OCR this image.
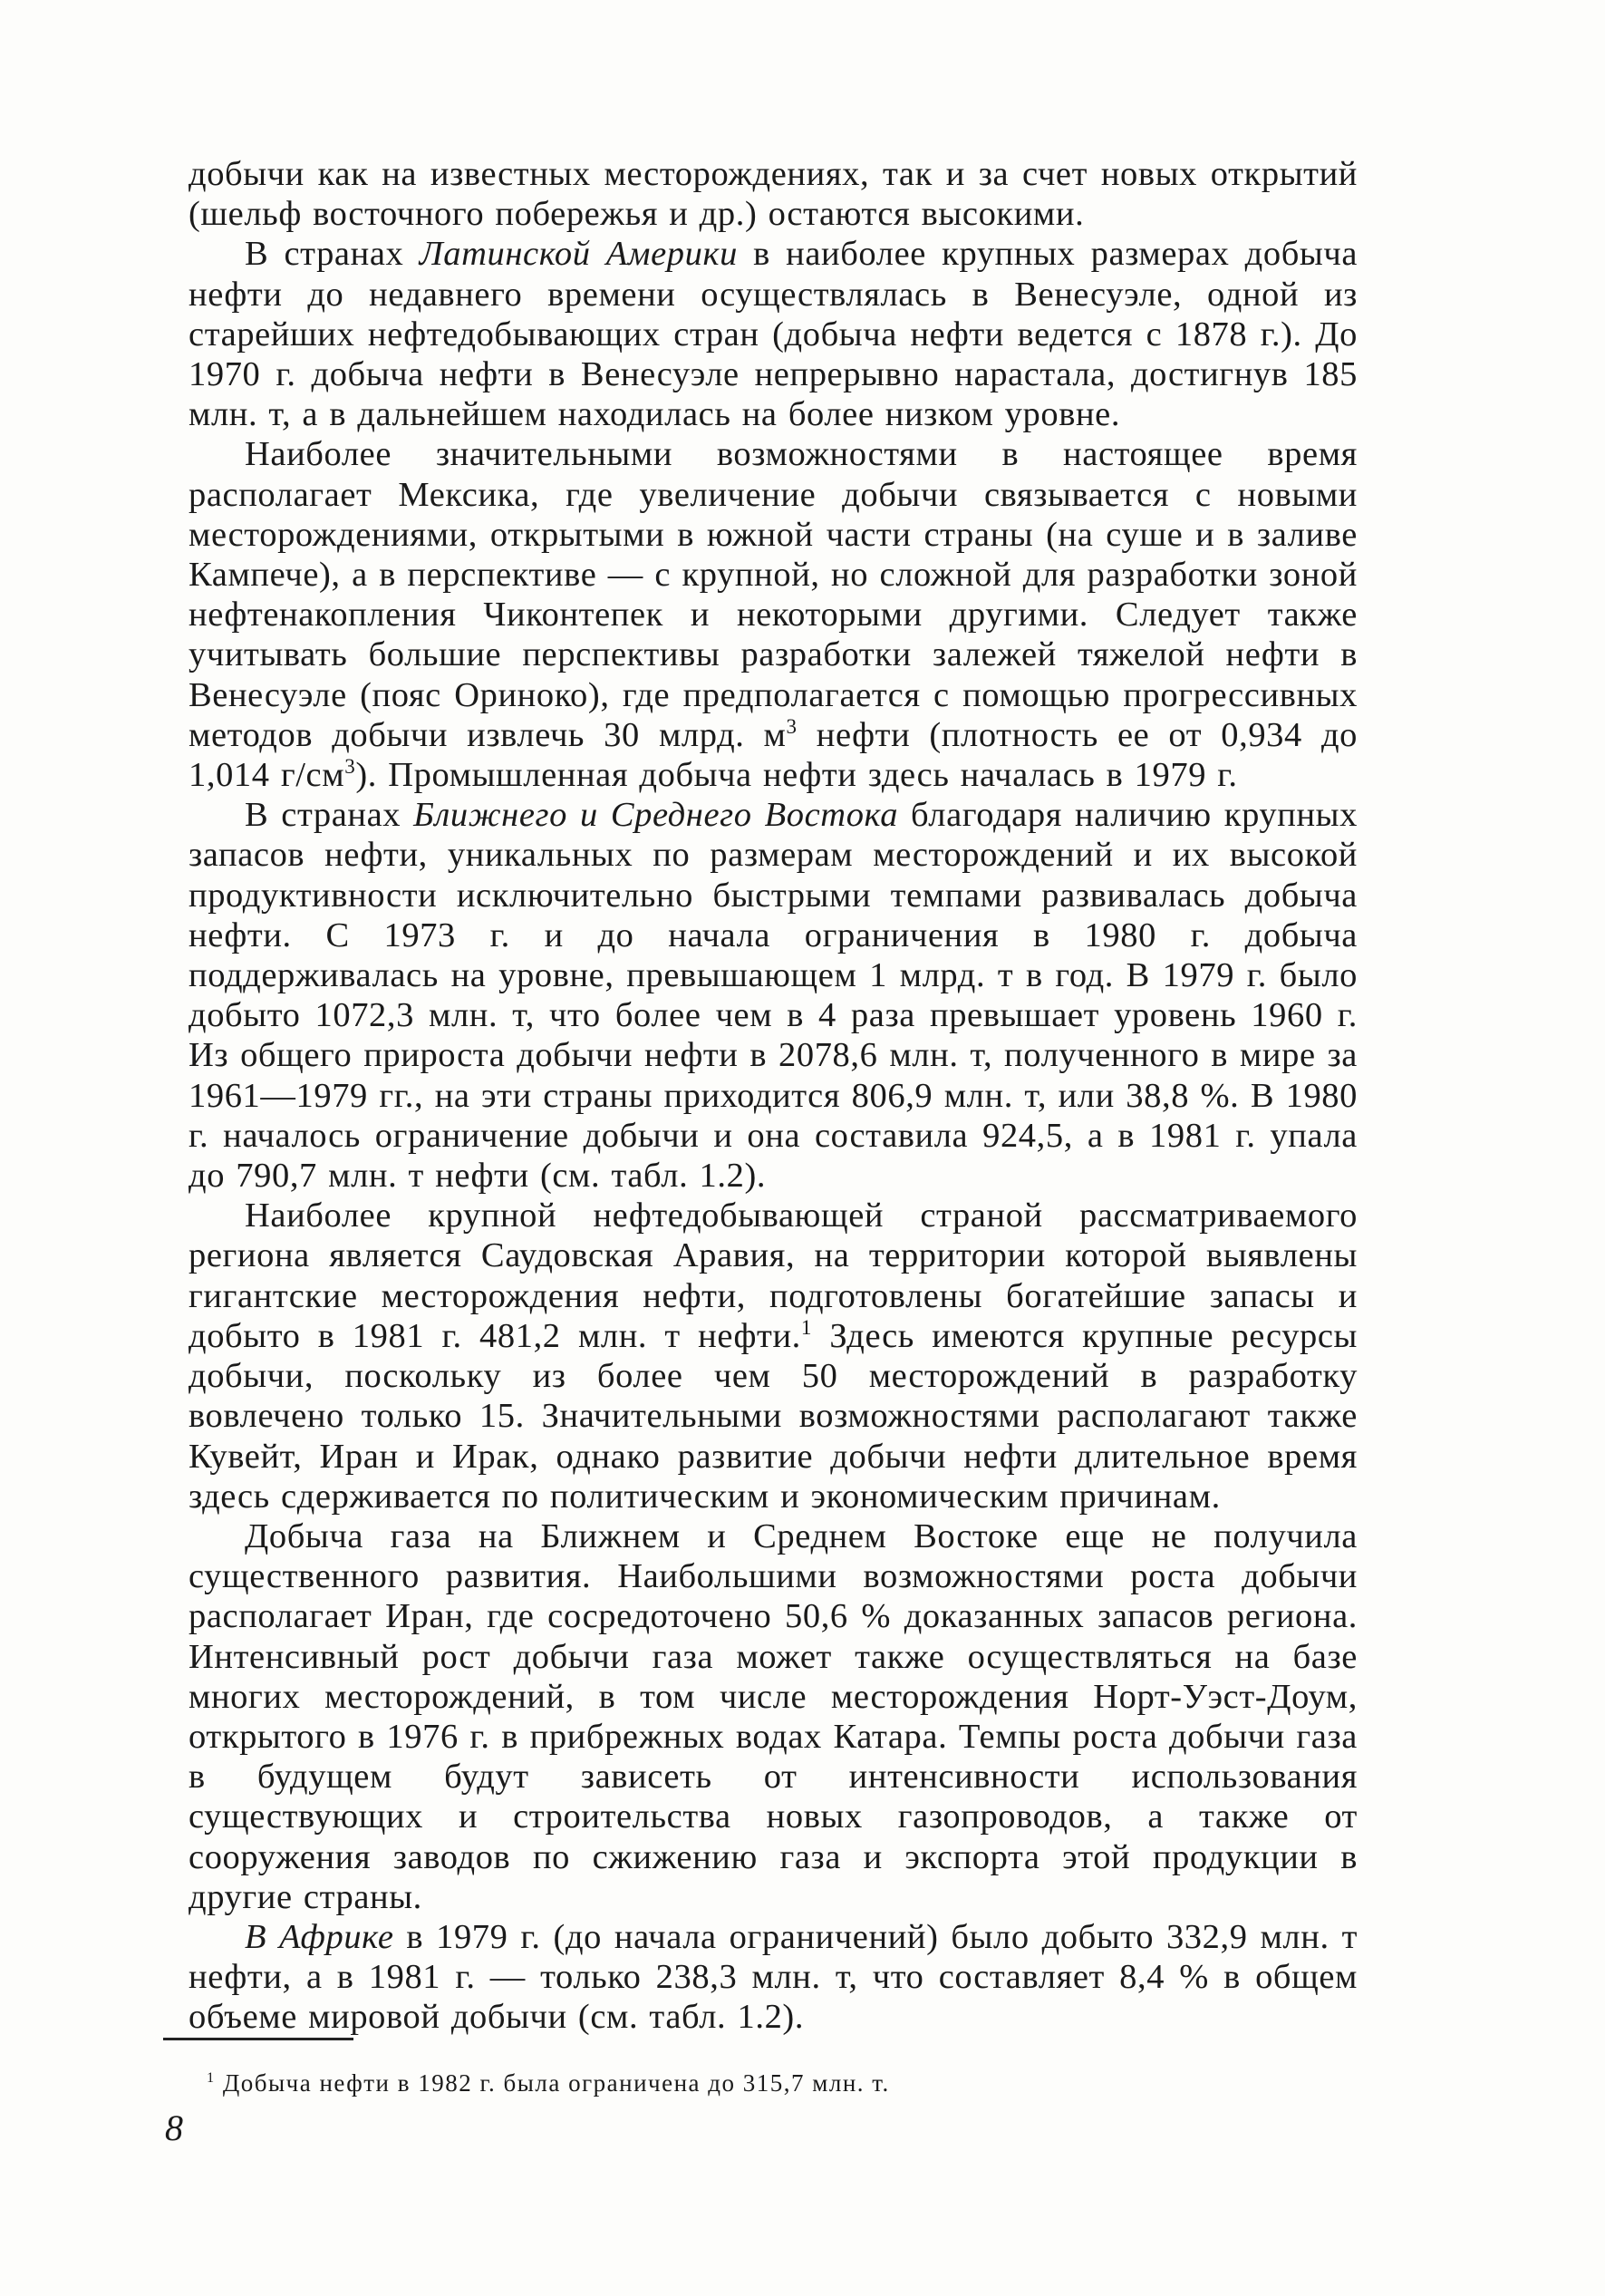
добычи как на известных месторождениях, так и за счет новых открытий (шельф восточного побережья и др.) остаются высокими.

В странах Латинской Америки в наиболее крупных размерах добыча нефти до недавнего времени осуществлялась в Венесуэле, одной из старейших нефтедобывающих стран (добыча нефти ведется с 1878 г.). До 1970 г. добыча нефти в Венесуэле непрерывно нарастала, достигнув 185 млн. т, а в дальнейшем находилась на более низком уровне.

Наиболее значительными возможностями в настоящее время располагает Мексика, где увеличение добычи связывается с новыми месторождениями, открытыми в южной части страны (на суше и в заливе Кампече), а в перспективе — с крупной, но сложной для разработки зоной нефтенакопления Чиконтепек и некоторыми другими. Следует также учитывать большие перспективы разработки залежей тяжелой нефти в Венесуэле (пояс Ориноко), где предполагается с помощью прогрессивных методов добычи извлечь 30 млрд. $м^3$ нефти (плотность ее от 0,934 до 1,014 $г/см^3$). Промышленная добыча нефти здесь началась в 1979 г.

В странах Ближнего и Среднего Востока благодаря наличию крупных запасов нефти, уникальных по размерам месторождений и их высокой продуктивности исключительно быстрыми темпами развивалась добыча нефти. С 1973 г. и до начала ограничения в 1980 г. добыча поддерживалась на уровне, превышающем 1 млрд. т в год. В 1979 г. было добыто 1072,3 млн. т, что более чем в 4 раза превышает уровень 1960 г. Из общего прироста добычи нефти в 2078,6 млн. т, полученного в мире за 1961—1979 гг., на эти страны приходится 806,9 млн. т, или 38,8 %. В 1980 г. началось ограничение добычи и она составила 924,5, а в 1981 г. упала до 790,7 млн. т нефти (см. табл. 1.2).

Наиболее крупной нефтедобывающей страной рассматриваемого региона является Саудовская Аравия, на территории которой выявлены гигантские месторождения нефти, подготовлены богатейшие запасы и добыто в 1981 г. 481,2 млн. т нефти.$^1$ Здесь имеются крупные ресурсы добычи, поскольку из более чем 50 месторождений в разработку вовлечено только 15. Значительными возможностями располагают также Кувейт, Иран и Ирак, однако развитие добычи нефти длительное время здесь сдерживается по политическим и экономическим причинам.

Добыча газа на Ближнем и Среднем Востоке еще не получила существенного развития. Наибольшими возможностями роста добычи располагает Иран, где сосредоточено 50,6 % доказанных запасов региона. Интенсивный рост добычи газа может также осуществляться на базе многих месторождений, в том числе месторождения Норт-Уэст-Доум, открытого в 1976 г. в прибрежных водах Катара. Темпы роста добычи газа в будущем будут зависеть от интенсивности использования существующих и строительства новых газопроводов, а также от сооружения заводов по сжижению газа и экспорта этой продукции в другие страны.

В Африке в 1979 г. (до начала ограничений) было добыто 332,9 млн. т нефти, а в 1981 г. — только 238,3 млн. т, что составляет 8,4 % в общем объеме мировой добычи (см. табл. 1.2).

$^1$ Добыча нефти в 1982 г. была ограничена до 315,7 млн. т.
8
